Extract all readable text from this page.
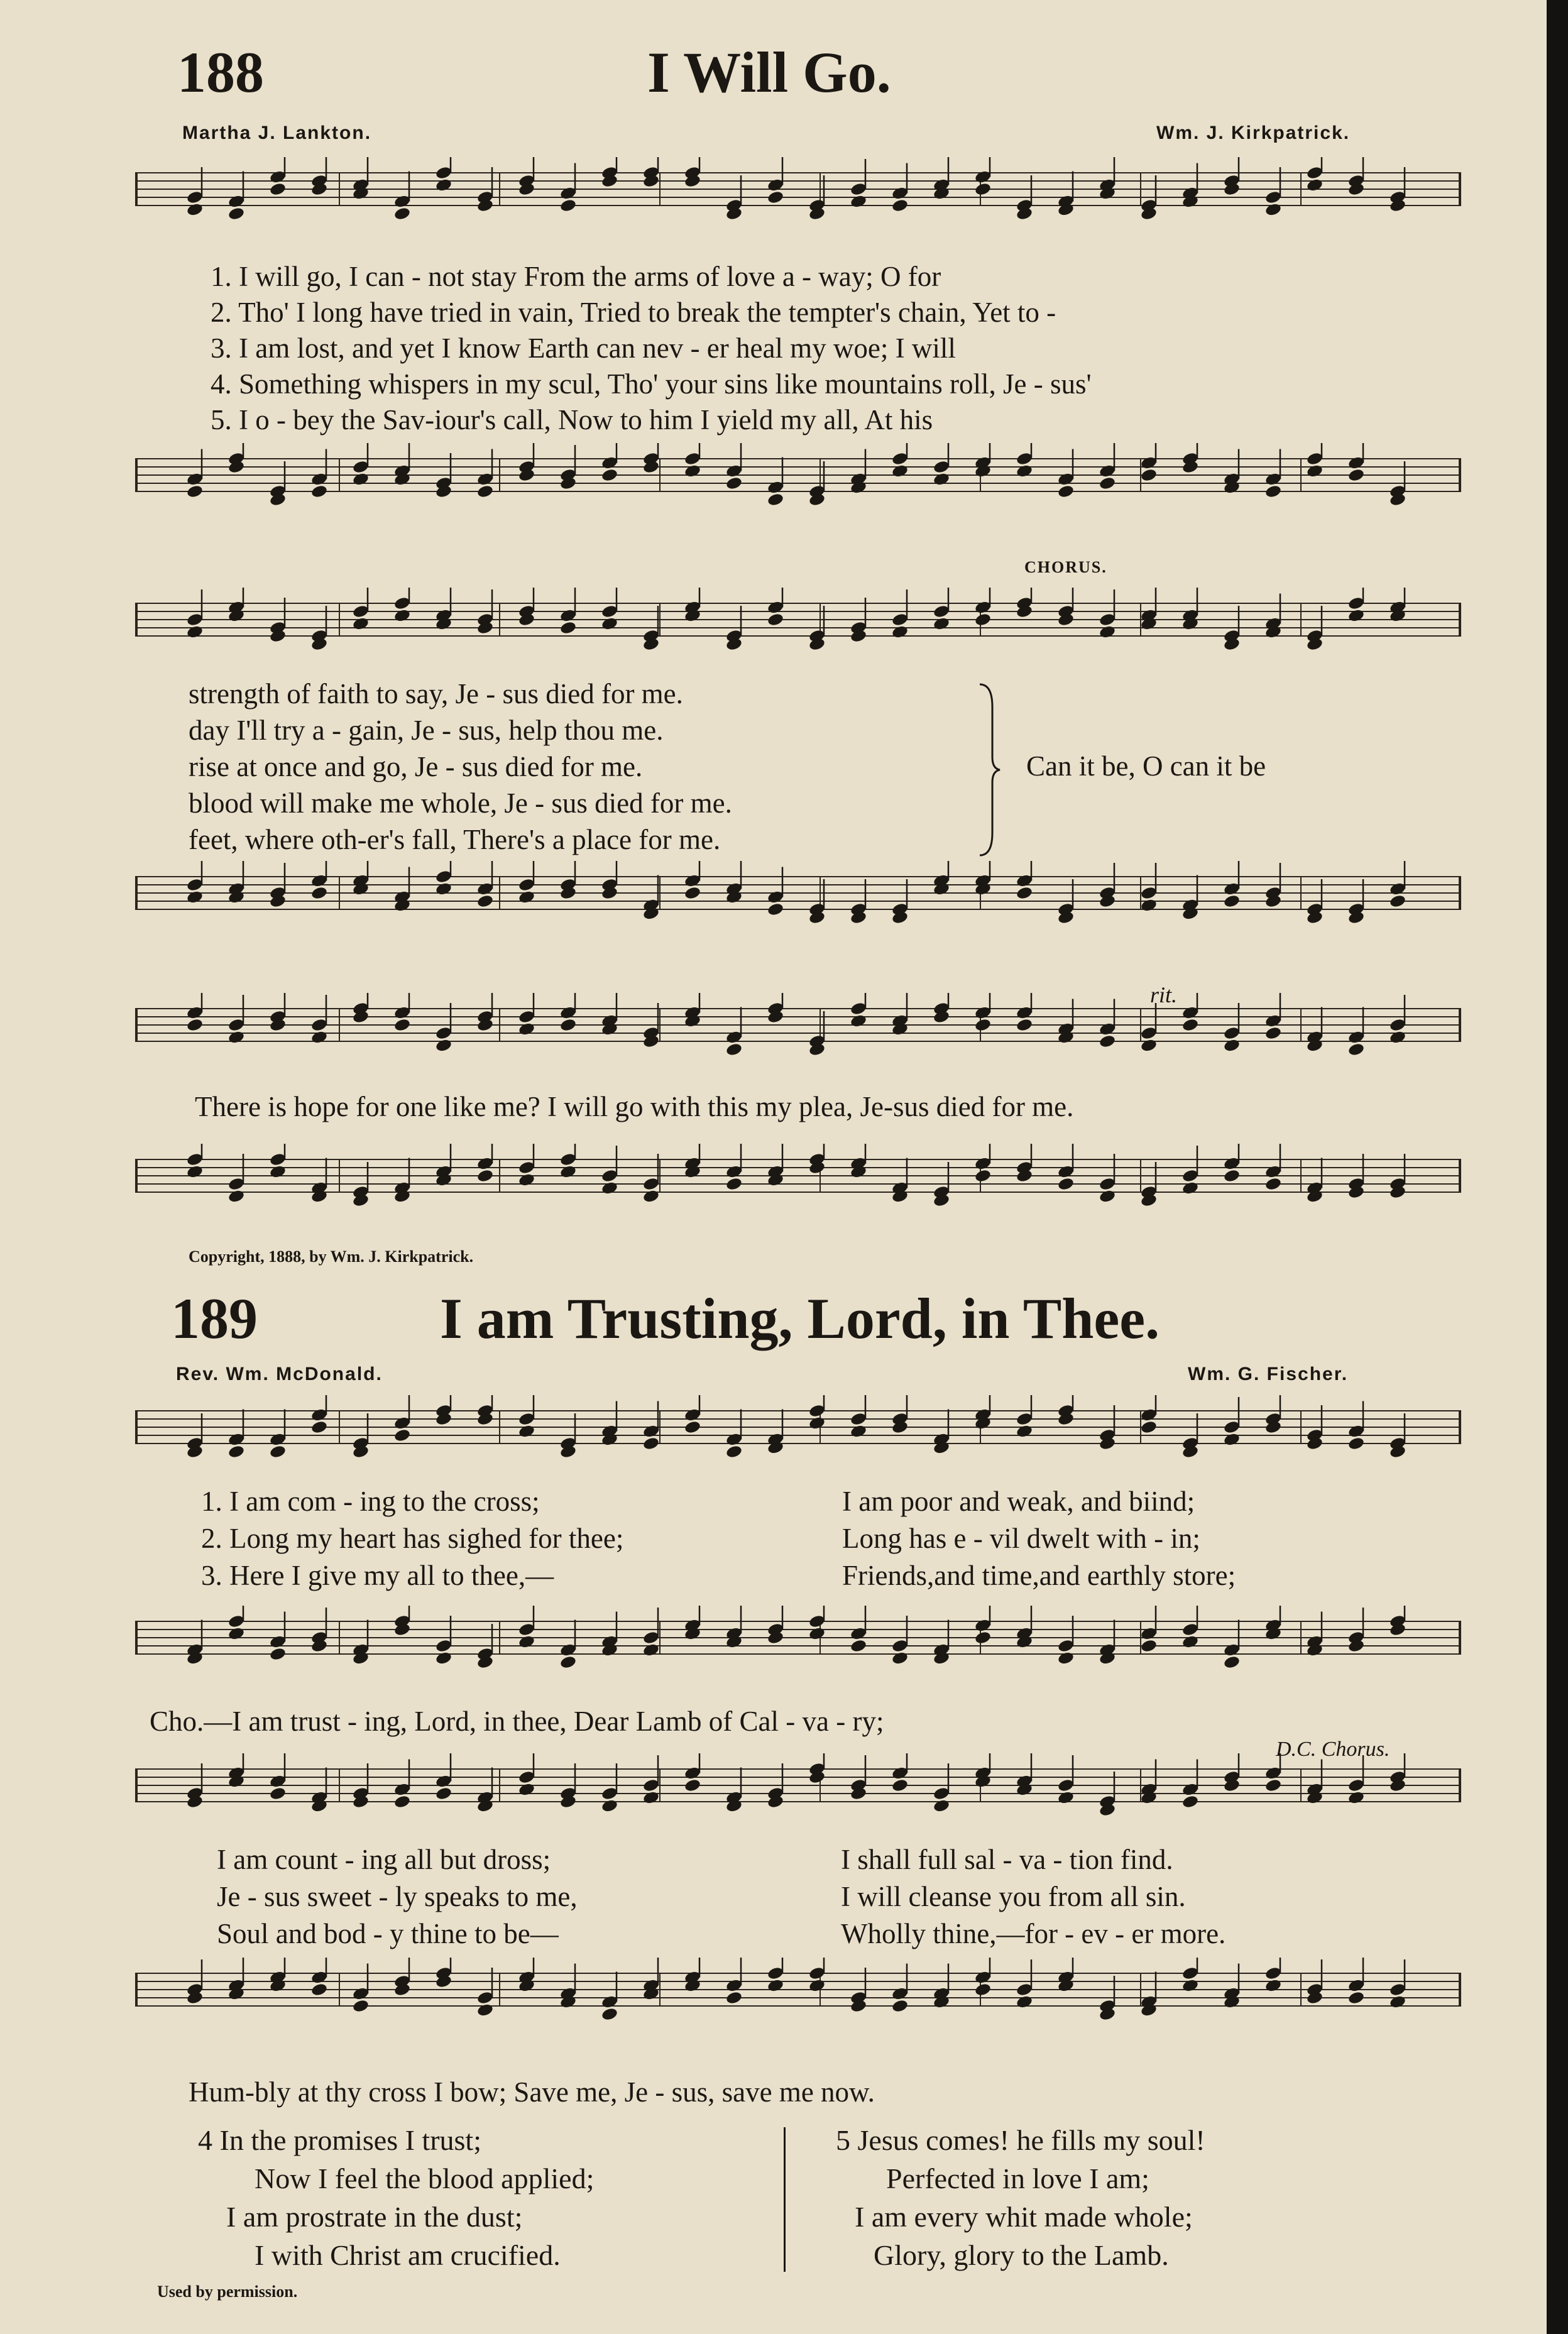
188	I Will Go.
Martha J. Lankton.	Wm. J. Kirkpatrick.
1. I will go, I can - not stay From the arms of love a - way; O for
2. Tho' I long have tried in vain, Tried to break the tempter's chain, Yet to -
3. I am lost, and yet I know Earth can nev - er heal my woe; I will
4. Something whispers in my scul, Tho' your sins like mountains roll, Je - sus'
5. I o - bey the Sav-iour's call, Now to him I yield my all, At his
CHORUS.
strength of faith to say, Je - sus died for me.
day I'll try a - gain, Je - sus, help thou me.
rise at once and go, Je - sus died for me.
blood will make me whole, Je - sus died for me.
feet, where oth-er's fall, There's a place for me.
Can it be, O can it be
rit.
There is hope for one like me? I will go with this my plea, Je-sus died for me.
Copyright, 1888, by Wm. J. Kirkpatrick.
189	I am Trusting, Lord, in Thee.
Rev. Wm. McDonald.	Wm. G. Fischer.
1. I am com - ing to the cross;
2. Long my heart has sighed for thee;
3. Here I give my all to thee,—
I am poor and weak, and biind;
Long has e - vil dwelt with - in;
Friends,and time,and earthly store;
Cho.—I am trust - ing, Lord, in thee, Dear Lamb of Cal - va - ry;
D.C. Chorus.
I am count - ing all but dross;
Je - sus sweet - ly speaks to me,
Soul and bod - y thine to be—
I shall full sal - va - tion find.
I will cleanse you from all sin.
Wholly thine,—for - ev - er more.
Hum-bly at thy cross I bow; Save me, Je - sus, save me now.
4 In the promises I trust;
Now I feel the blood applied;
I am prostrate in the dust;
I with Christ am crucified.
5 Jesus comes! he fills my soul!
Perfected in love I am;
I am every whit made whole;
Glory, glory to the Lamb.
Used by permission.
